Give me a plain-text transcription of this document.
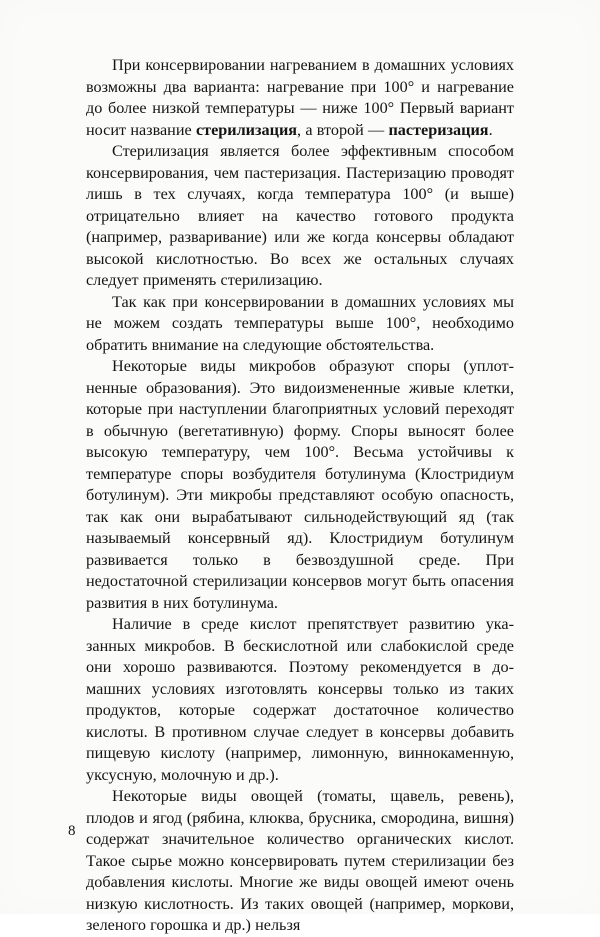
При консервировании нагреванием в домашних условиях возможны два варианта: нагревание при 100° и нагревание до более низкой температуры — ниже 100° Первый вариант носит название стерилизация, а второй — пастеризация.

Стерилизация является более эффективным способом консервирования, чем пастеризация. Пастеризацию проводят лишь в тех случаях, когда температура 100° (и выше) отрицательно влияет на качество готового продукта (например, разваривание) или же когда консервы обладают высокой кислотностью. Во всех же остальных случаях следует применять стерилизацию.

Так как при консервировании в домашних условиях мы не можем создать температуры выше 100°, необходимо обратить внимание на следующие обстоятельства.

Некоторые виды микробов образуют споры (уплотненные образования). Это видоизмененные живые клетки, которые при наступлении благоприятных условий переходят в обычную (вегетативную) форму. Споры выносят более высокую температуру, чем 100°. Весьма устойчивы к температуре споры возбудителя ботулинума (Клостридиум ботулинум). Эти микробы представляют особую опасность, так как они вырабатывают сильнодействующий яд (так называемый консервный яд). Клостридиум ботулинум развивается только в безвоздушной среде. При недостаточной стерилизации консервов могут быть опасения развития в них ботулинума.

Наличие в среде кислот препятствует развитию указанных микробов. В бескислотной или слабокислой среде они хорошо развиваются. Поэтому рекомендуется в домашних условиях изготовлять консервы только из таких продуктов, которые содержат достаточное количество кислоты. В противном случае следует в консервы добавить пищевую кислоту (например, лимонную, виннокаменную, уксусную, молочную и др.).

Некоторые виды овощей (томаты, щавель, ревень), плодов и ягод (рябина, клюква, брусника, смородина, вишня) содержат значительное количество органических кислот. Такое сырье можно консервировать путем стерилизации без добавления кислоты. Многие же виды овощей имеют очень низкую кислотность. Из таких овощей (например, моркови, зеленого горошка и др.) нельзя

8
